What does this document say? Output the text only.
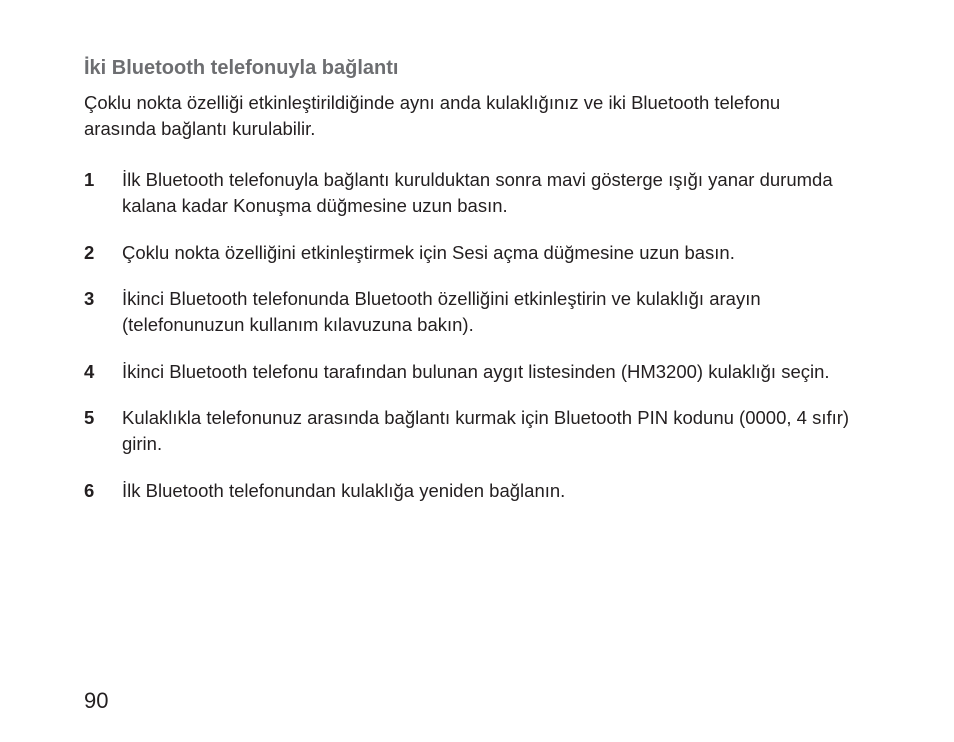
İki Bluetooth telefonuyla bağlantı

Çoklu nokta özelliği etkinleştirildiğinde aynı anda kulaklığınız ve iki Bluetooth telefonu arasında bağlantı kurulabilir.

1	İlk Bluetooth telefonuyla bağlantı kurulduktan sonra mavi gösterge ışığı yanar durumda kalana kadar Konuşma düğmesine uzun basın.
2	Çoklu nokta özelliğini etkinleştirmek için Sesi açma düğmesine uzun basın.
3	İkinci Bluetooth telefonunda Bluetooth özelliğini etkinleştirin ve kulaklığı arayın (telefonunuzun kullanım kılavuzuna bakın).
4	İkinci Bluetooth telefonu tarafından bulunan aygıt listesinden (HM3200) kulaklığı seçin.
5	Kulaklıkla telefonunuz arasında bağlantı kurmak için Bluetooth PIN kodunu (0000, 4 sıfır) girin.
6	İlk Bluetooth telefonundan kulaklığa yeniden bağlanın.
90
